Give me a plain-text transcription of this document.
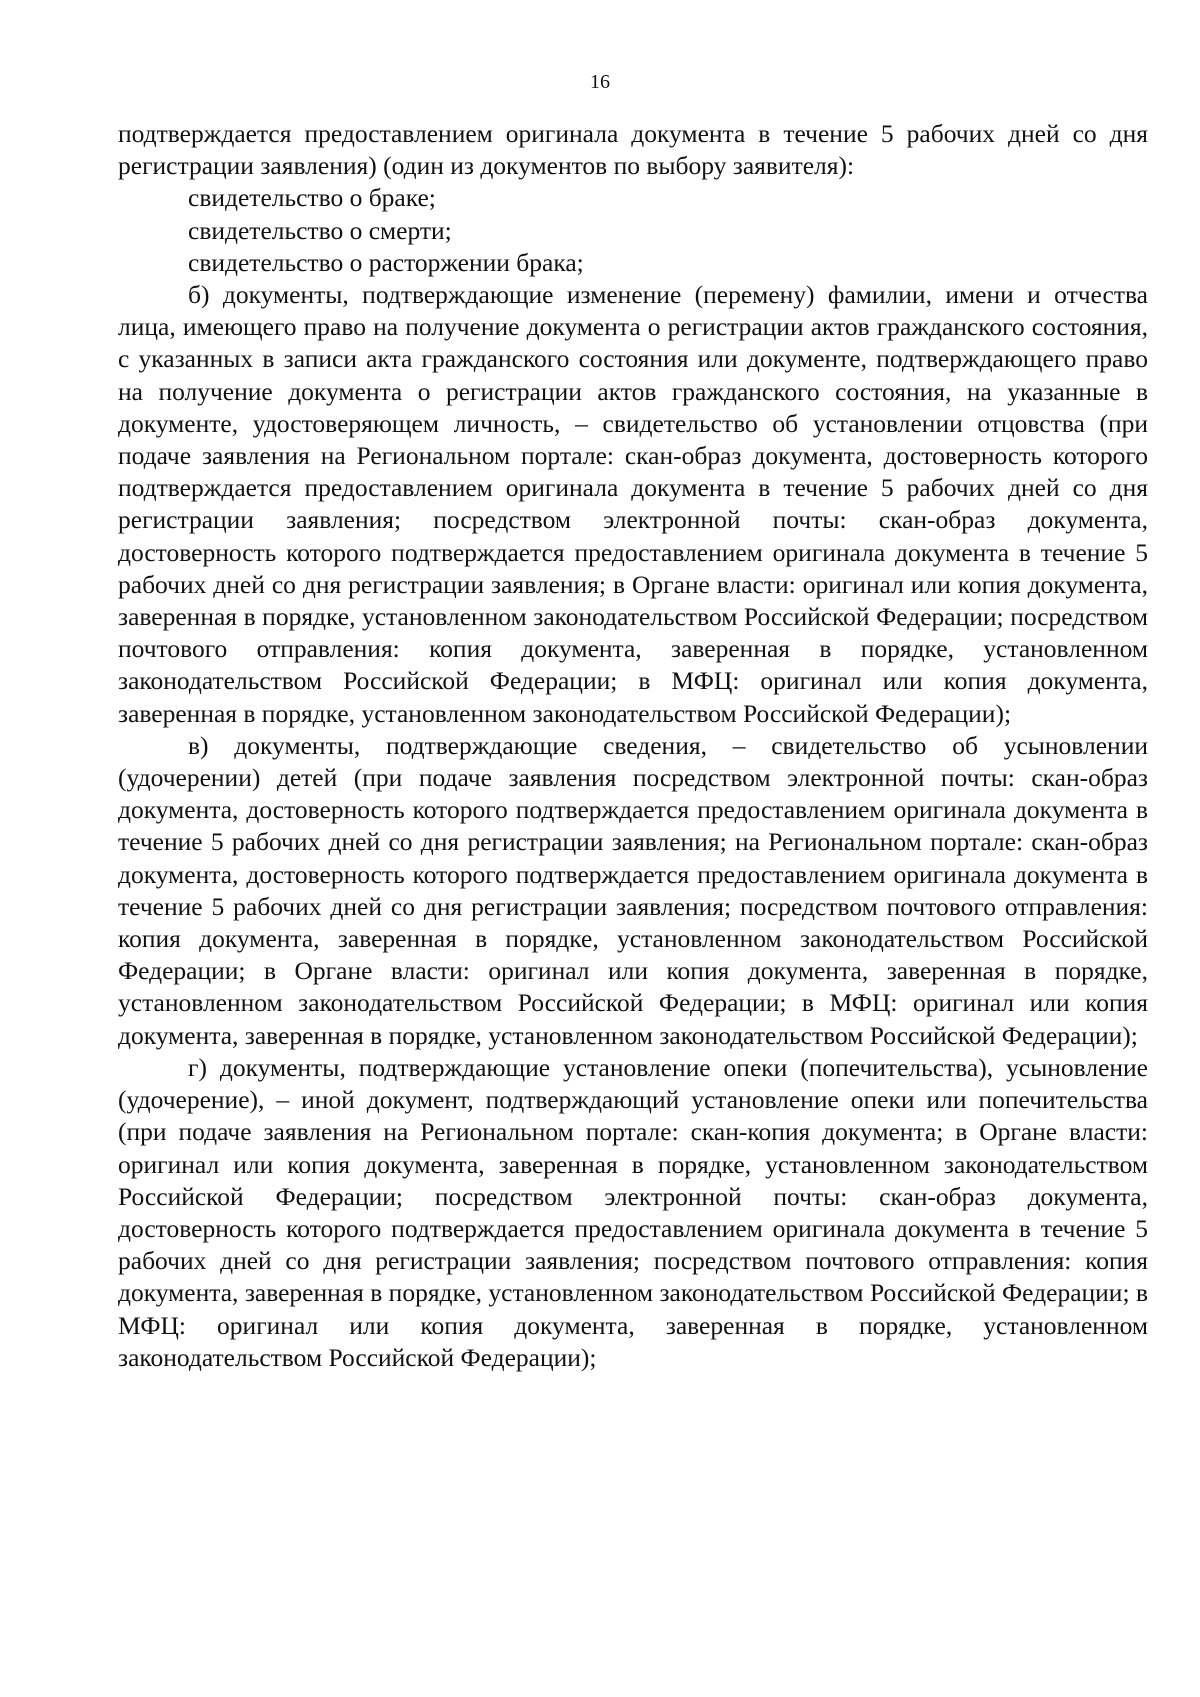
16

подтверждается предоставлением оригинала документа в течение 5 рабочих дней со дня регистрации заявления) (один из документов по выбору заявителя):

свидетельство о браке;

свидетельство о смерти;

свидетельство о расторжении брака;

б) документы, подтверждающие изменение (перемену) фамилии, имени и отчества лица, имеющего право на получение документа о регистрации актов гражданского состояния, с указанных в записи акта гражданского состояния или документе, подтверждающего право на получение документа о регистрации актов гражданского состояния, на указанные в документе, удостоверяющем личность, – свидетельство об установлении отцовства (при подаче заявления на Региональном портале: скан-образ документа, достоверность которого подтверждается предоставлением оригинала документа в течение 5 рабочих дней со дня регистрации заявления; посредством электронной почты: скан-образ документа, достоверность которого подтверждается предоставлением оригинала документа в течение 5 рабочих дней со дня регистрации заявления; в Органе власти: оригинал или копия документа, заверенная в порядке, установленном законодательством Российской Федерации; посредством почтового отправления: копия документа, заверенная в порядке, установленном законодательством Российской Федерации; в МФЦ: оригинал или копия документа, заверенная в порядке, установленном законодательством Российской Федерации);

в) документы, подтверждающие сведения, – свидетельство об усыновлении (удочерении) детей (при подаче заявления посредством электронной почты: скан-образ документа, достоверность которого подтверждается предоставлением оригинала документа в течение 5 рабочих дней со дня регистрации заявления; на Региональном портале: скан-образ документа, достоверность которого подтверждается предоставлением оригинала документа в течение 5 рабочих дней со дня регистрации заявления; посредством почтового отправления: копия документа, заверенная в порядке, установленном законодательством Российской Федерации; в Органе власти: оригинал или копия документа, заверенная в порядке, установленном законодательством Российской Федерации; в МФЦ: оригинал или копия документа, заверенная в порядке, установленном законодательством Российской Федерации);

г) документы, подтверждающие установление опеки (попечительства), усыновление (удочерение), – иной документ, подтверждающий установление опеки или попечительства (при подаче заявления на Региональном портале: скан-копия документа; в Органе власти: оригинал или копия документа, заверенная в порядке, установленном законодательством Российской Федерации; посредством электронной почты: скан-образ документа, достоверность которого подтверждается предоставлением оригинала документа в течение 5 рабочих дней со дня регистрации заявления; посредством почтового отправления: копия документа, заверенная в порядке, установленном законодательством Российской Федерации; в МФЦ: оригинал или копия документа, заверенная в порядке, установленном законодательством Российской Федерации);
